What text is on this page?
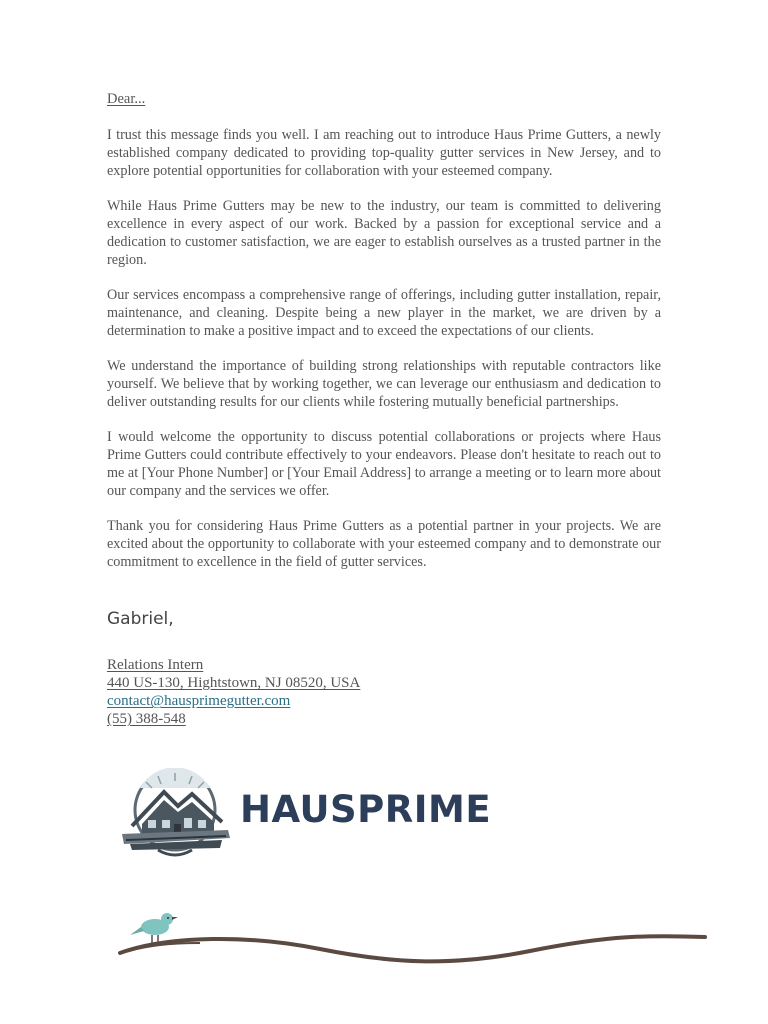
Dear...

I trust this message finds you well. I am reaching out to introduce Haus Prime Gutters, a newly established company dedicated to providing top-quality gutter services in New Jersey, and to explore potential opportunities for collaboration with your esteemed company.

While Haus Prime Gutters may be new to the industry, our team is committed to delivering excellence in every aspect of our work. Backed by a passion for exceptional service and a dedication to customer satisfaction, we are eager to establish ourselves as a trusted partner in the region.

Our services encompass a comprehensive range of offerings, including gutter installation, repair, maintenance, and cleaning. Despite being a new player in the market, we are driven by a determination to make a positive impact and to exceed the expectations of our clients.

We understand the importance of building strong relationships with reputable contractors like yourself. We believe that by working together, we can leverage our enthusiasm and dedication to deliver outstanding results for our clients while fostering mutually beneficial partnerships.

I would welcome the opportunity to discuss potential collaborations or projects where Haus Prime Gutters could contribute effectively to your endeavors. Please don't hesitate to reach out to me at [Your Phone Number] or [Your Email Address] to arrange a meeting or to learn more about our company and the services we offer.

Thank you for considering Haus Prime Gutters as a potential partner in your projects. We are excited about the opportunity to collaborate with your esteemed company and to demonstrate our commitment to excellence in the field of gutter services.

Gabriel,
Relations Intern
440 US-130, Hightstown, NJ 08520, USA
contact@hausprimegutter.com
(55) 388-548
HAUSPRIME
